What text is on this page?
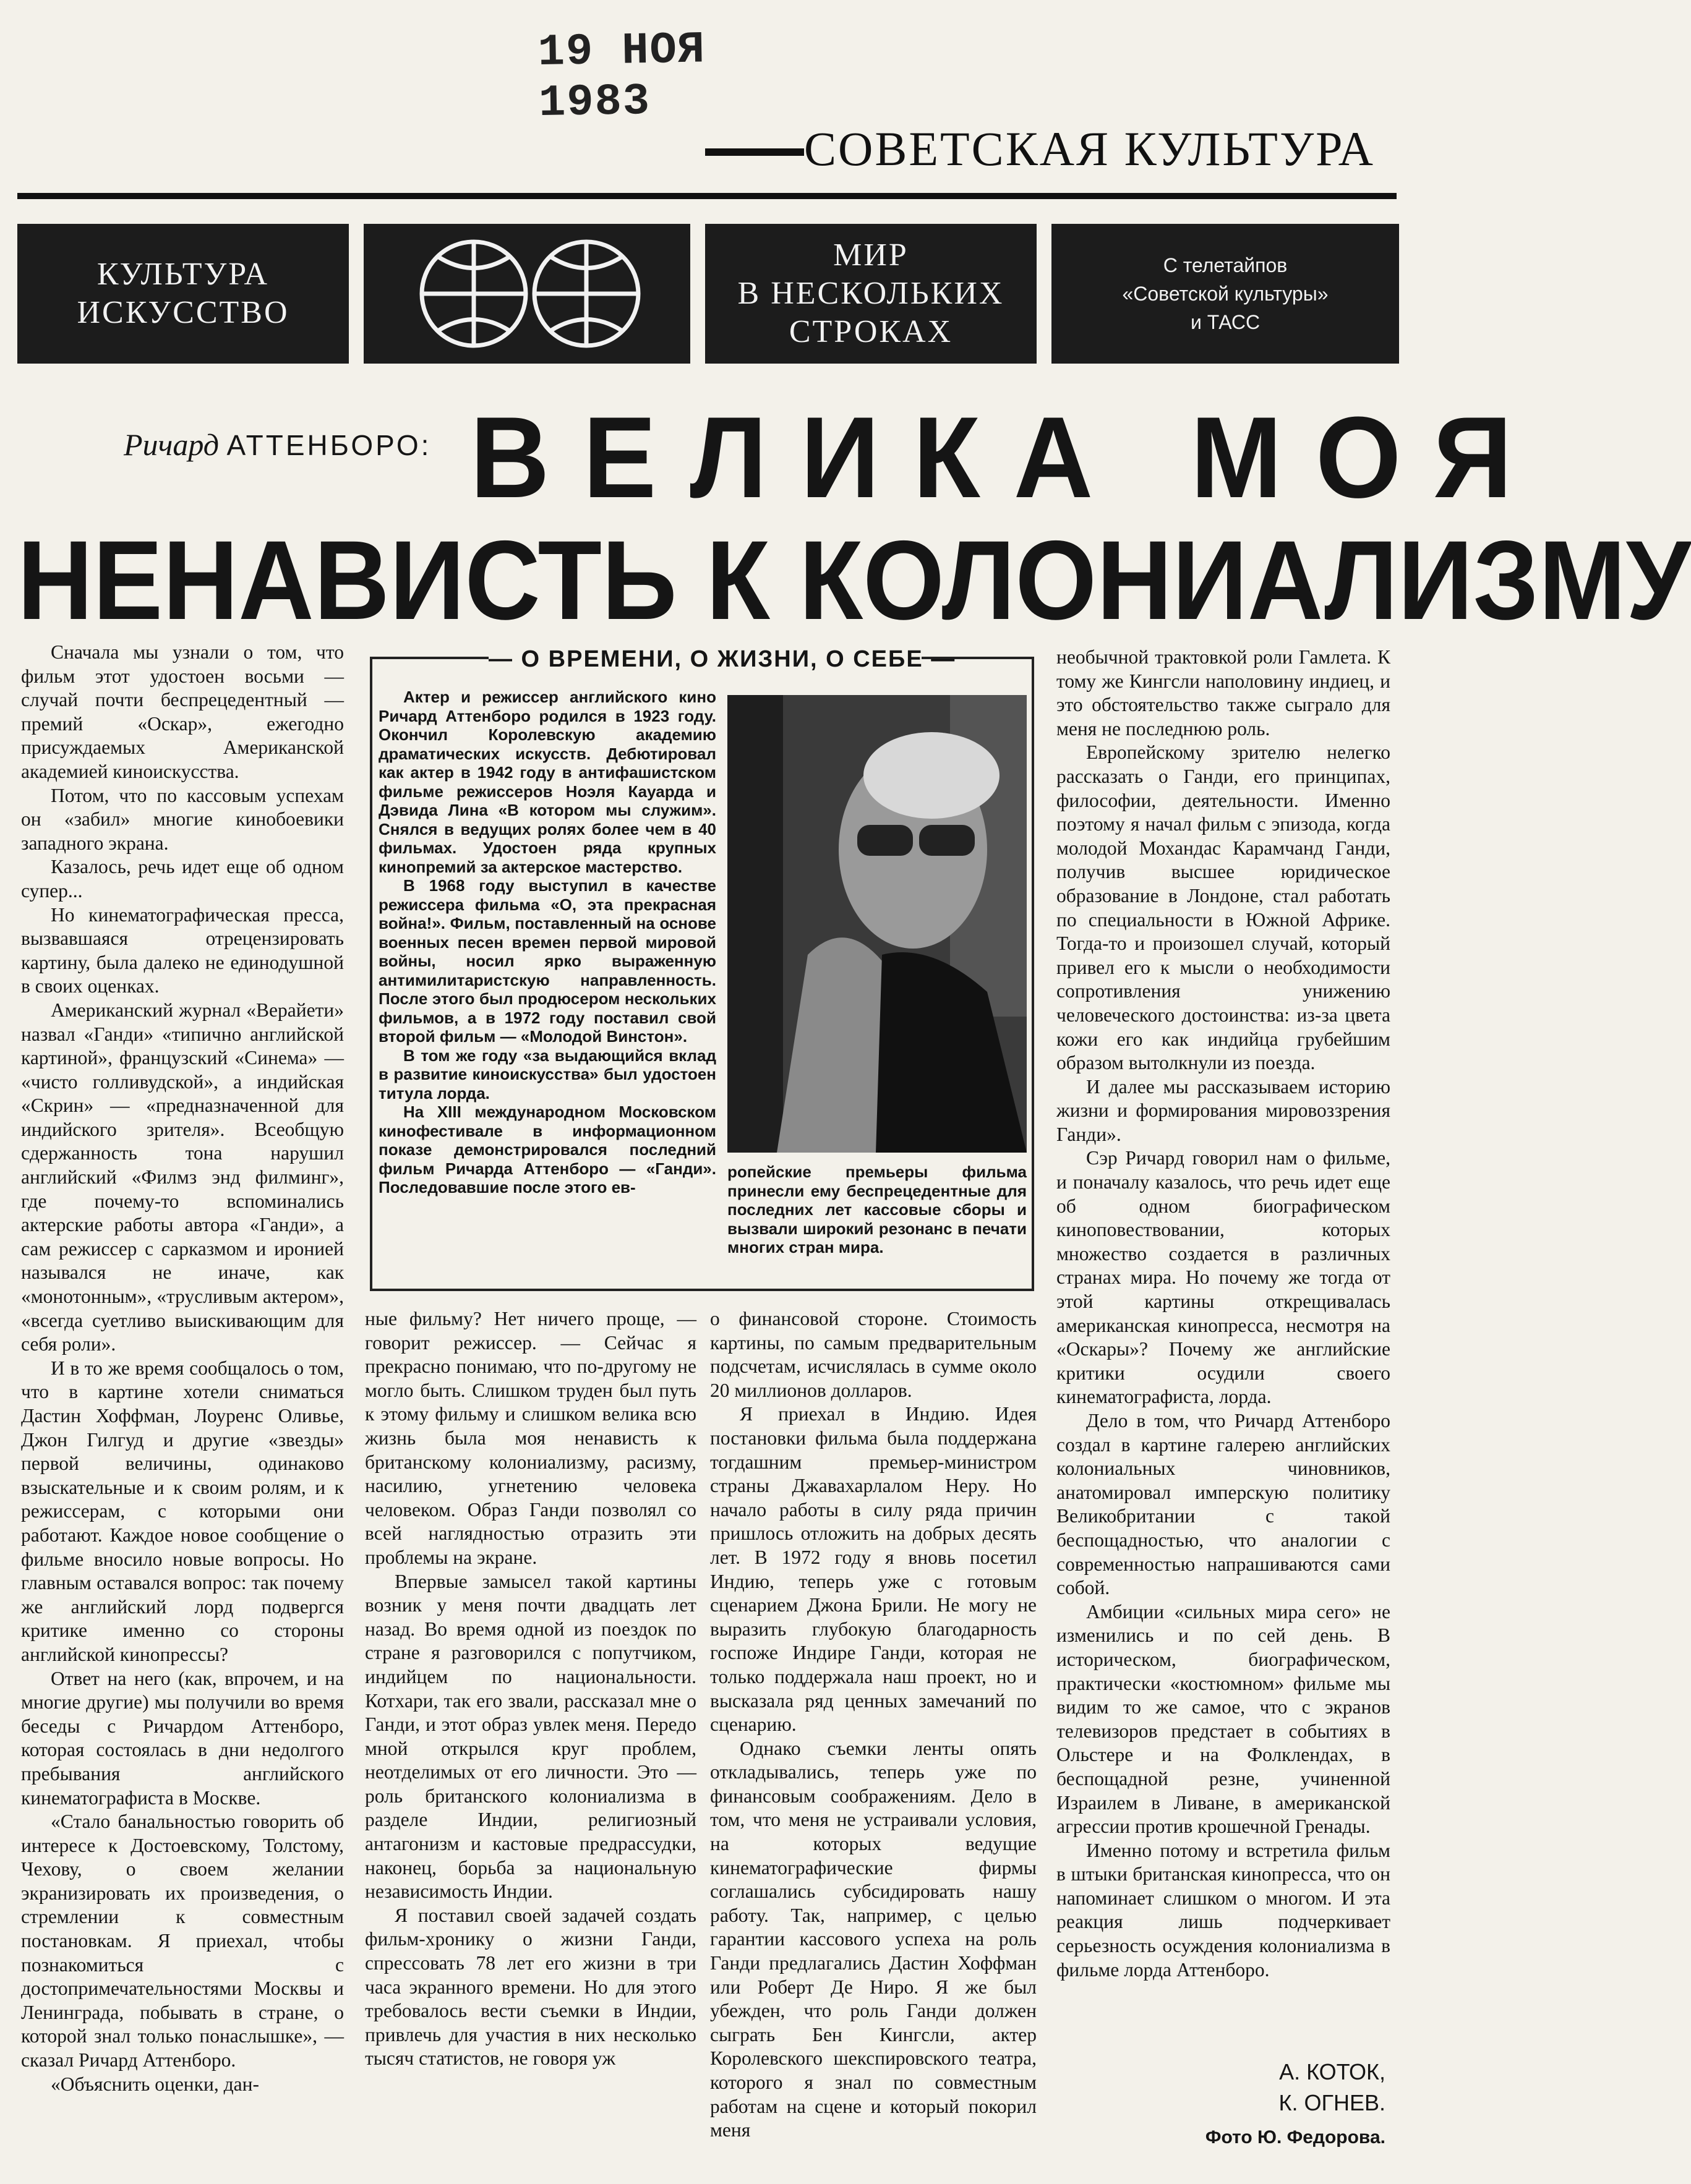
19 НОЯ 1983
СОВЕТСКАЯ КУЛЬТУРА
КУЛЬТУРА
ИСКУССТВО
МИР
В НЕСКОЛЬКИХ
СТРОКАХ
С телетайпов
«Советской культуры»
и ТАСС
Ричард АТТЕНБОРО: ВЕЛИКА МОЯ
НЕНАВИСТЬ К КОЛОНИАЛИЗМУ

Сначала мы узнали о том, что фильм этот удостоен восьми — случай почти беспрецедентный — премий «Оскар», ежегодно присуждаемых Американской академией киноискусства.

Потом, что по кассовым успехам он «забил» многие кинобоевики западного экрана.

Казалось, речь идет еще об одном супер...

Но кинематографическая пресса, вызвавшаяся отрецензировать картину, была далеко не единодушной в своих оценках.

Американский журнал «Верайети» назвал «Ганди» «типично английской картиной», французский «Синема» — «чисто голливудской», а индийская «Скрин» — «предназначенной для индийского зрителя». Всеобщую сдержанность тона нарушил английский «Филмз энд филминг», где почему-то вспоминались актерские работы автора «Ганди», а сам режиссер с сарказмом и иронией назывался не иначе, как «монотонным», «трусливым актером», «всегда суетливо выискивающим для себя роли».

И в то же время сообщалось о том, что в картине хотели сниматься Дастин Хоффман, Лоуренс Оливье, Джон Гилгуд и другие «звезды» первой величины, одинаково взыскательные и к своим ролям, и к режиссерам, с которыми они работают. Каждое новое сообщение о фильме вносило новые вопросы. Но главным оставался вопрос: так почему же английский лорд подвергся критике именно со стороны английской кинопрессы?

Ответ на него (как, впрочем, и на многие другие) мы получили во время беседы с Ричардом Аттенборо, которая состоялась в дни недолгого пребывания английского кинематографиста в Москве.

«Стало банальностью говорить об интересе к Достоевскому, Толстому, Чехову, о своем желании экранизировать их произведения, о стремлении к совместным постановкам. Я приехал, чтобы познакомиться с достопримечательностями Москвы и Ленинграда, побывать в стране, о которой знал только понаслышке», — сказал Ричард Аттенборо.

«Объяснить оценки, дан-

— О ВРЕМЕНИ, О ЖИЗНИ, О СЕБЕ —

Актер и режиссер английского кино Ричард Аттенборо родился в 1923 году. Окончил Королевскую академию драматических искусств. Дебютировал как актер в 1942 году в антифашистском фильме режиссеров Ноэля Кауарда и Дэвида Лина «В котором мы служим». Снялся в ведущих ролях более чем в 40 фильмах. Удостоен ряда крупных кинопремий за актерское мастерство.

В 1968 году выступил в качестве режиссера фильма «О, эта прекрасная война!». Фильм, поставленный на основе военных песен времен первой мировой войны, носил ярко выраженную антимилитаристскую направленность. После этого был продюсером нескольких фильмов, а в 1972 году поставил свой второй фильм — «Молодой Винстон».

В том же году «за выдающийся вклад в развитие киноискусства» был удостоен титула лорда.

На XIII международном Московском кинофестивале в информационном показе демонстрировался последний фильм Ричарда Аттенборо — «Ганди». Последовавшие после этого ев-

ропейские премьеры фильма принесли ему беспрецедентные для последних лет кассовые сборы и вызвали широкий резонанс в печати многих стран мира.

ные фильму? Нет ничего проще, — говорит режиссер. — Сейчас я прекрасно понимаю, что по-другому не могло быть. Слишком труден был путь к этому фильму и слишком велика всю жизнь была моя ненависть к британскому колониализму, расизму, насилию, угнетению человека человеком. Образ Ганди позволял со всей наглядностью отразить эти проблемы на экране.

Впервые замысел такой картины возник у меня почти двадцать лет назад. Во время одной из поездок по стране я разговорился с попутчиком, индийцем по национальности. Котхари, так его звали, рассказал мне о Ганди, и этот образ увлек меня. Передо мной открылся круг проблем, неотделимых от его личности. Это — роль британского колониализма в разделе Индии, религиозный антагонизм и кастовые предрассудки, наконец, борьба за национальную независимость Индии.

Я поставил своей задачей создать фильм-хронику о жизни Ганди, спрессовать 78 лет его жизни в три часа экранного времени. Но для этого требовалось вести съемки в Индии, привлечь для участия в них несколько тысяч статистов, не говоря уж

о финансовой стороне. Стоимость картины, по самым предварительным подсчетам, исчислялась в сумме около 20 миллионов долларов.

Я приехал в Индию. Идея постановки фильма была поддержана тогдашним премьер-министром страны Джавахарлалом Неру. Но начало работы в силу ряда причин пришлось отложить на добрых десять лет. В 1972 году я вновь посетил Индию, теперь уже с готовым сценарием Джона Брили. Не могу не выразить глубокую благодарность госпоже Индире Ганди, которая не только поддержала наш проект, но и высказала ряд ценных замечаний по сценарию.

Однако съемки ленты опять откладывались, теперь уже по финансовым соображениям. Дело в том, что меня не устраивали условия, на которых ведущие кинематографические фирмы соглашались субсидировать нашу работу. Так, например, с целью гарантии кассового успеха на роль Ганди предлагались Дастин Хоффман или Роберт Де Ниро. Я же был убежден, что роль Ганди должен сыграть Бен Кингсли, актер Королевского шекспировского театра, которого я знал по совместным работам на сцене и который покорил меня

необычной трактовкой роли Гамлета. К тому же Кингсли наполовину индиец, и это обстоятельство также сыграло для меня не последнюю роль.

Европейскому зрителю нелегко рассказать о Ганди, его принципах, философии, деятельности. Именно поэтому я начал фильм с эпизода, когда молодой Мохандас Карамчанд Ганди, получив высшее юридическое образование в Лондоне, стал работать по специальности в Южной Африке. Тогда-то и произошел случай, который привел его к мысли о необходимости сопротивления унижению человеческого достоинства: из-за цвета кожи его как индийца грубейшим образом вытолкнули из поезда.

И далее мы рассказываем историю жизни и формирования мировоззрения Ганди».

Сэр Ричард говорил нам о фильме, и поначалу казалось, что речь идет еще об одном биографическом киноповествовании, которых множество создается в различных странах мира. Но почему же тогда от этой картины открещивалась американская кинопресса, несмотря на «Оскары»? Почему же английские критики осудили своего кинематографиста, лорда.

Дело в том, что Ричард Аттенборо создал в картине галерею английских колониальных чиновников, анатомировал имперскую политику Великобритании с такой беспощадностью, что аналогии с современностью напрашиваются сами собой.

Амбиции «сильных мира сего» не изменились и по сей день. В историческом, биографическом, практически «костюмном» фильме мы видим то же самое, что с экранов телевизоров предстает в событиях в Ольстере и на Фолклендах, в беспощадной резне, учиненной Израилем в Ливане, в американской агрессии против крошечной Гренады.

Именно потому и встретила фильм в штыки британская кинопресса, что он напоминает слишком о многом. И эта реакция лишь подчеркивает серьезность осуждения колониализма в фильме лорда Аттенборо.

А. КОТОК,
К. ОГНЕВ.
Фото Ю. Федорова.
